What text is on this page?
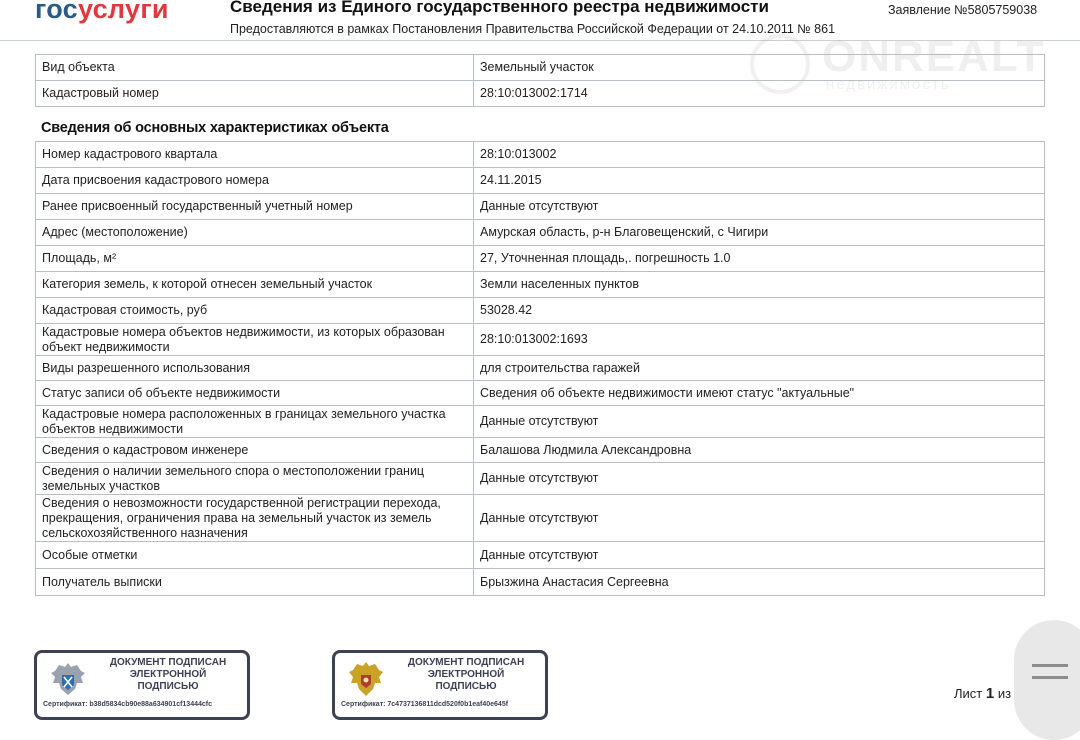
госуслуги	Сведения из Единого государственного реестра недвижимости
Предоставляются в рамках Постановления Правительства Российской Федерации от 24.10.2011 № 861
Заявление №5805759038
ONREALT
недвижимость
Вид объекта	Земельный участок
Кадастровый номер	28:10:013002:1714
Сведения об основных характеристиках объекта
Номер кадастрового квартала	28:10:013002
Дата присвоения кадастрового номера	24.11.2015
Ранее присвоенный государственный учетный номер	Данные отсутствуют
Адрес (местоположение)	Амурская область, р-н Благовещенский, с Чигири
Площадь, м²	27, Уточненная площадь,. погрешность 1.0
Категория земель, к которой отнесен земельный участок	Земли населенных пунктов
Кадастровая стоимость, руб	53028.42
Кадастровые номера объектов недвижимости, из которых образован объект недвижимости	28:10:013002:1693
Виды разрешенного использования	для строительства гаражей
Статус записи об объекте недвижимости	Сведения об объекте недвижимости имеют статус "актуальные"
Кадастровые номера расположенных в границах земельного участка объектов недвижимости	Данные отсутствуют
Сведения о кадастровом инженере	Балашова Людмила Александровна
Сведения о наличии земельного спора о местоположении границ земельных участков	Данные отсутствуют
Сведения о невозможности государственной регистрации перехода, прекращения, ограничения права на земельный участок из земель сельскохозяйственного назначения	Данные отсутствуют
Особые отметки	Данные отсутствуют
Получатель выписки	Брызжина Анастасия Сергеевна
ДОКУМЕНТ ПОДПИСАН
ЭЛЕКТРОННОЙ
ПОДПИСЬЮ
Сертификат: b38d5834cb90e88a634901cf13444cfc
ДОКУМЕНТ ПОДПИСАН
ЭЛЕКТРОННОЙ
ПОДПИСЬЮ
Сертификат: 7c4737136811dcd520f0b1eaf40e645f
Лист 1 из
